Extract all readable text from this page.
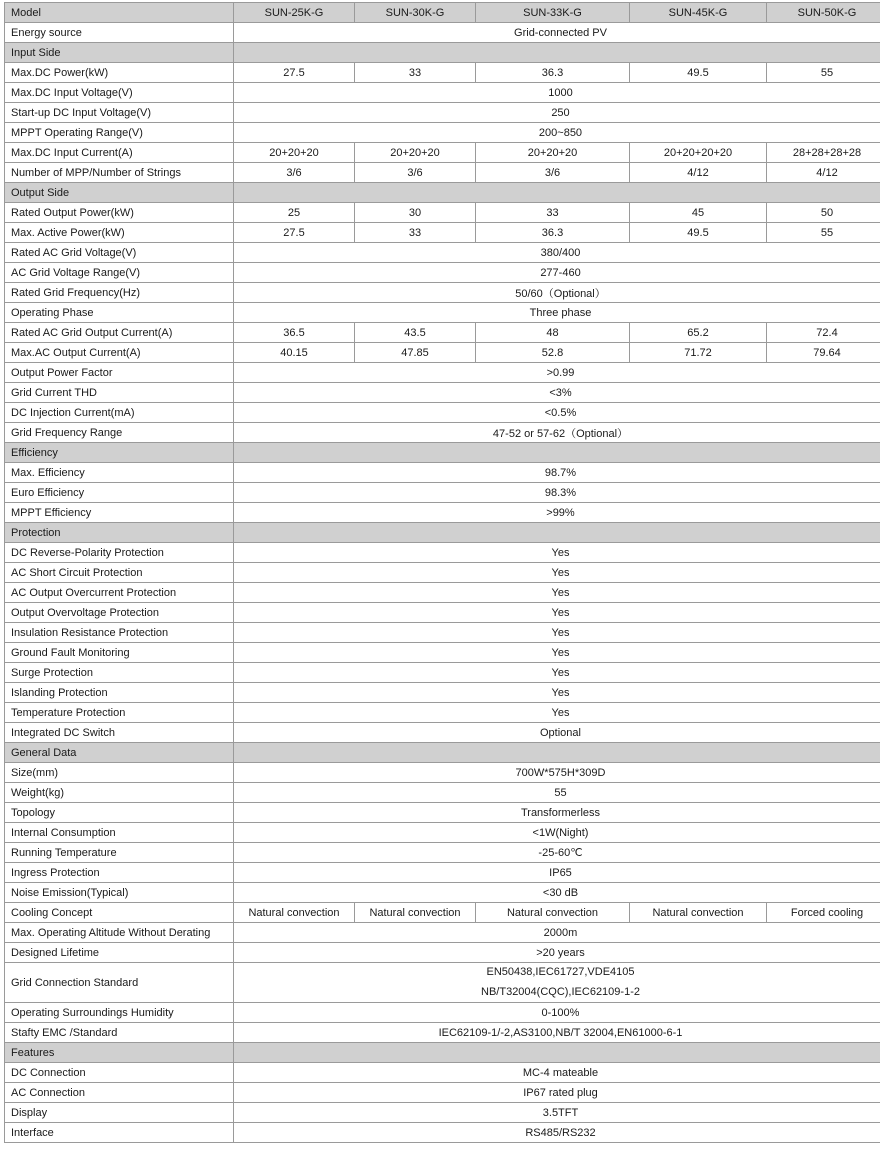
Model	SUN-25K-G	SUN-30K-G	SUN-33K-G	SUN-45K-G	SUN-50K-G
Energy source	Grid-connected PV				
Input Side					
Max.DC Power(kW)	27.5	33	36.3	49.5	55
Max.DC Input Voltage(V)	1000				
Start-up DC Input Voltage(V)	250				
MPPT Operating Range(V)	200~850				
Max.DC Input Current(A)	20+20+20	20+20+20	20+20+20	20+20+20+20	28+28+28+28
Number of MPP/Number of Strings	3/6	3/6	3/6	4/12	4/12
Output Side					
Rated Output Power(kW)	25	30	33	45	50
Max. Active Power(kW)	27.5	33	36.3	49.5	55
Rated AC Grid Voltage(V)	380/400				
AC Grid Voltage Range(V)	277-460				
Rated Grid Frequency(Hz)	50/60（Optional）				
Operating Phase	Three phase				
Rated AC Grid Output Current(A)	36.5	43.5	48	65.2	72.4
Max.AC Output Current(A)	40.15	47.85	52.8	71.72	79.64
Output Power Factor	>0.99				
Grid Current THD	<3%				
DC Injection Current(mA)	<0.5%				
Grid Frequency Range	47-52 or 57-62（Optional）				
Efficiency					
Max. Efficiency	98.7%				
Euro Efficiency	98.3%				
MPPT Efficiency	>99%				
Protection					
DC Reverse-Polarity Protection	Yes				
AC Short Circuit Protection	Yes				
AC Output Overcurrent Protection	Yes				
Output Overvoltage Protection	Yes				
Insulation Resistance Protection	Yes				
Ground Fault Monitoring	Yes				
Surge Protection	Yes				
Islanding Protection	Yes				
Temperature Protection	Yes				
Integrated DC Switch	Optional				
General Data					
Size(mm)	700W*575H*309D				
Weight(kg)	55				
Topology	Transformerless				
Internal Consumption	<1W(Night)				
Running Temperature	-25-60℃				
Ingress Protection	IP65				
Noise Emission(Typical)	<30 dB				
Cooling Concept	Natural convection	Natural convection	Natural convection	Natural convection	Forced cooling
Max. Operating Altitude Without Derating	2000m				
Designed Lifetime	>20 years				
Grid Connection Standard	EN50438,IEC61727,VDE4105
NB/T32004(CQC),IEC62109-1-2				

Operating Surroundings Humidity	0-100%				
Stafty EMC /Standard	IEC62109-1/-2,AS3100,NB/T 32004,EN61000-6-1				
Features					
DC Connection	MC-4 mateable				
AC Connection	IP67 rated plug				
Display	3.5TFT				
Interface	RS485/RS232				
